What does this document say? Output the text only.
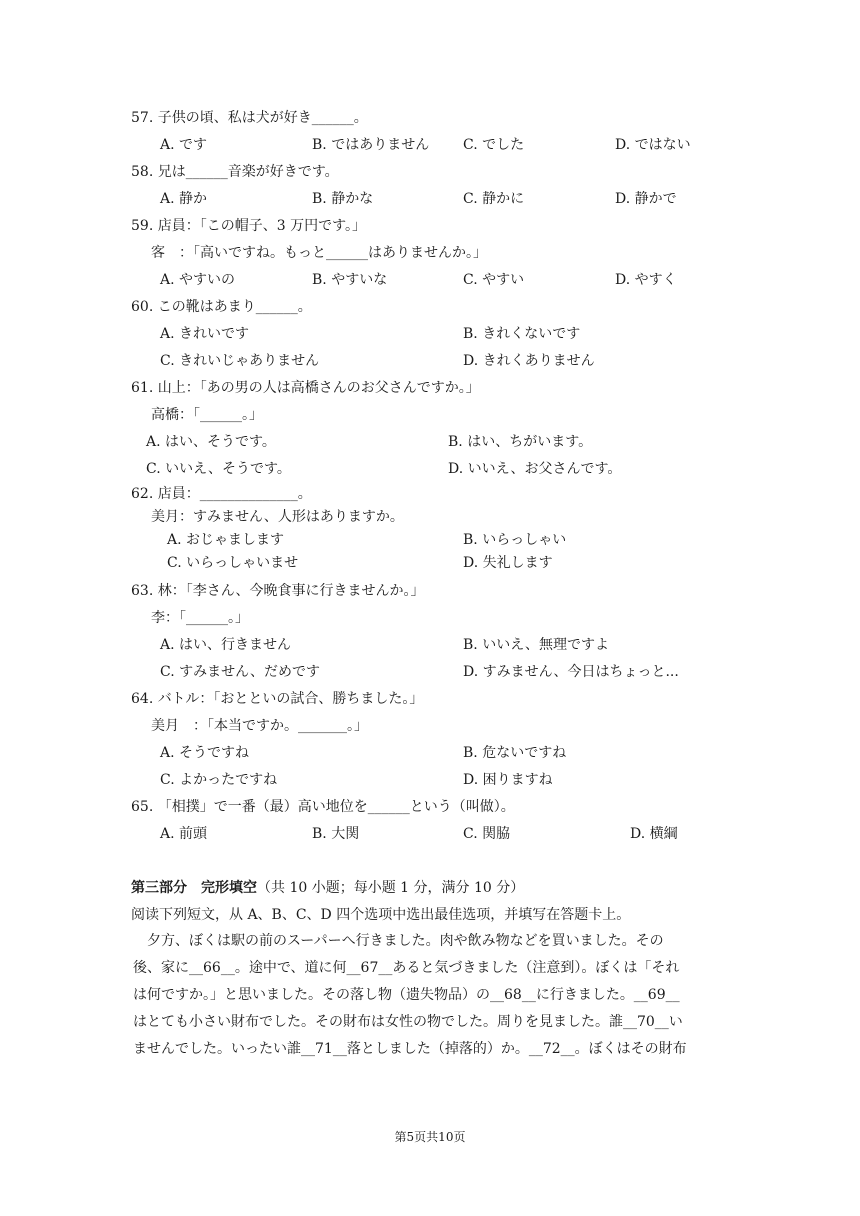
57. 子供の頃、私は犬が好き______。
A. です	B. ではありません C. でした	D. ではない
58. 兄は______音楽が好きです。
A. 静か	B. 静かな	C. 静かに	D. 静かで
59. 店員：「この帽子、3 万円です。」
客　：「高いですね。もっと______はありませんか。」
A. やすいの	B. やすいな	C. やすい	D. やすく
60. この靴はあまり______。
A. きれいです	B. きれくないです
C. きれいじゃありません	D. きれくありません
61. 山上：「あの男の人は高橋さんのお父さんですか。」
高橋：「______。」
A. はい、そうです。	B. はい、ちがいます。
C. いいえ、そうです。	D. いいえ、お父さんです。
62. 店員：______________。
美月：すみません、人形はありますか。
A. おじゃまします	B. いらっしゃい
C. いらっしゃいませ	D. 失礼します
63. 林：「李さん、今晩食事に行きませんか。」
李：「______。」
A. はい、行きません	B. いいえ、無理ですよ
C. すみません、だめです	D. すみません、今日はちょっと...
64. バトル：「おとといの試合、勝ちました。」
美月　：「本当ですか。_______。」
A. そうですね	B. 危ないですね
C. よかったですね	D. 困りますね
65. 「相撲」で一番（最）高い地位を______という（叫做）。
A. 前頭	B. 大関	C. 関脇	D. 横綱
第三部分　完形填空（共 10 小题；每小题 1 分，满分 10 分）
阅读下列短文，从 A、B、C、D 四个选项中选出最佳选项，并填写在答题卡上。
　夕方、ぼくは駅の前のスーパーへ行きました。肉や飲み物などを買いました。その
後、家に__66__。途中で、道に何__67__あると気づきました（注意到）。ぼくは「それ
は何ですか。」と思いました。その落し物（遗失物品）の__68__に行きました。__69__
はとても小さい財布でした。その財布は女性の物でした。周りを見ました。誰__70__い
ませんでした。いったい誰__71__落としました（掉落的）か。__72__。ぼくはその財布
第5页共10页
